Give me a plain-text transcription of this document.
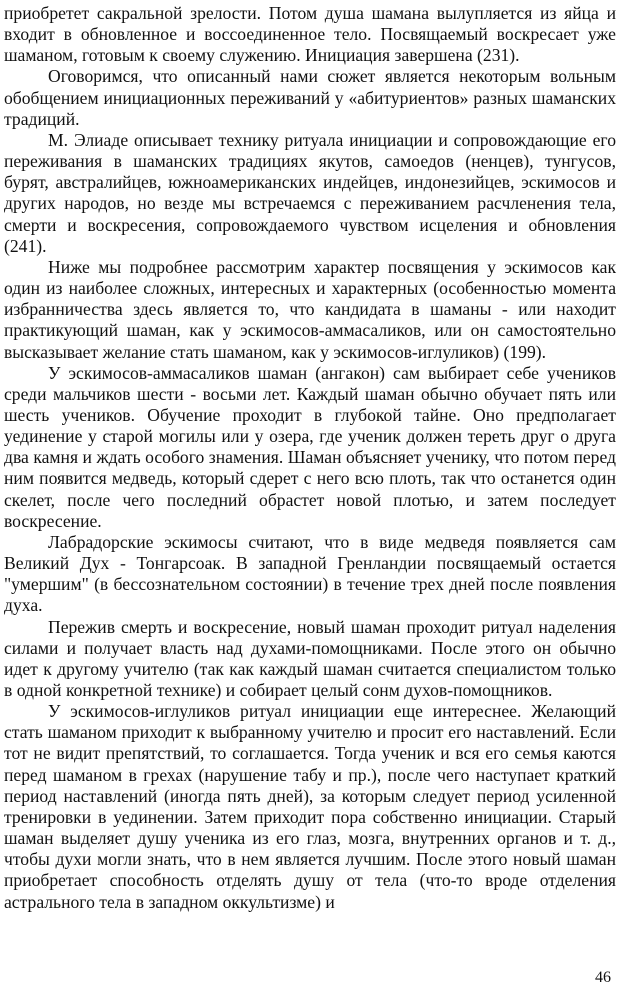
приобретет сакральной зрелости. Потом душа шамана вылупляется из яйца и входит в обновленное и воссоединенное тело. Посвящаемый воскресает уже шаманом, готовым к своему служению. Инициация завершена (231).

Оговоримся, что описанный нами сюжет является некоторым вольным обобщением инициационных переживаний у «абитуриентов» разных шаманских традиций.

М. Элиаде описывает технику ритуала инициации и сопровождающие его переживания в шаманских традициях якутов, самоедов (ненцев), тунгусов, бурят, австралийцев, южноамериканских индейцев, индонезийцев, эскимосов и других народов, но везде мы встречаемся с переживанием расчленения тела, смерти и воскресения, сопровождаемого чувством исцеления и обновления (241).

Ниже мы подробнее рассмотрим характер посвящения у эскимосов как один из наиболее сложных, интересных и характерных (особенностью момента избранничества здесь является то, что кандидата в шаманы - или находит практикующий шаман, как у эскимосов-аммасаликов, или он самостоятельно высказывает желание стать шаманом, как у эскимосов-иглуликов) (199).

У эскимосов-аммасаликов шаман (ангакон) сам выбирает себе учеников среди мальчиков шести - восьми лет. Каждый шаман обычно обучает пять или шесть учеников. Обучение проходит в глубокой тайне. Оно предполагает уединение у старой могилы или у озера, где ученик должен тереть друг о друга два камня и ждать особого знамения. Шаман объясняет ученику, что потом перед ним появится медведь, который сдерет с него всю плоть, так что останется один скелет, после чего последний обрастет новой плотью, и затем последует воскресение.

Лабрадорские эскимосы считают, что в виде медведя появляется сам Великий Дух - Тонгарсоак. В западной Гренландии посвящаемый остается "умершим" (в бессознательном состоянии) в течение трех дней после появления духа.

Пережив смерть и воскресение, новый шаман проходит ритуал наделения силами и получает власть над духами-помощниками. После этого он обычно идет к другому учителю (так как каждый шаман считается специалистом только в одной конкретной технике) и собирает целый сонм духов-помощников.

У эскимосов-иглуликов ритуал инициации еще интереснее. Желающий стать шаманом приходит к выбранному учителю и просит его наставлений. Если тот не видит препятствий, то соглашается. Тогда ученик и вся его семья каются перед шаманом в грехах (нарушение табу и пр.), после чего наступает краткий период наставлений (иногда пять дней), за которым следует период усиленной тренировки в уединении. Затем приходит пора собственно инициации. Старый шаман выделяет душу ученика из его глаз, мозга, внутренних органов и т. д., чтобы духи могли знать, что в нем является лучшим. После этого новый шаман приобретает способность отделять душу от тела (что-то вроде отделения астрального тела в западном оккультизме) и

46
